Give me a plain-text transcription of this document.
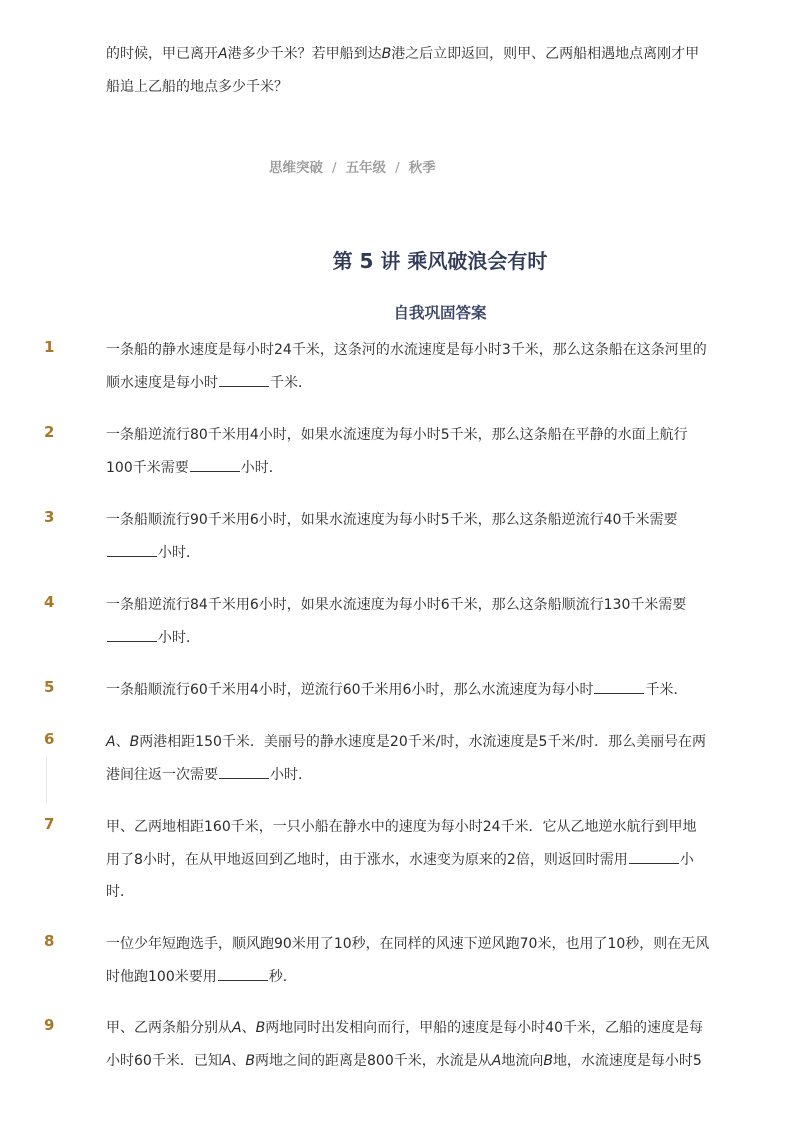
的时候，甲已离开A港多少千米？若甲船到达B港之后立即返回，则甲、乙两船相遇地点离刚才甲
船追上乙船的地点多少千米？

思维突破 / 五年级 / 秋季
第 5 讲 乘风破浪会有时
自我巩固答案
1	一条船的静水速度是每小时24千米，这条河的水流速度是每小时3千米，那么这条船在这条河里的
顺水速度是每小时	千米．

2	一条船逆流行80千米用4小时，如果水流速度为每小时5千米，那么这条船在平静的水面上航行
100千米需要	小时．

3	一条船顺流行90千米用6小时，如果水流速度为每小时5千米，那么这条船逆流行40千米需要
小时．

4	一条船逆流行84千米用6小时，如果水流速度为每小时6千米，那么这条船顺流行130千米需要
小时．

5	一条船顺流行60千米用4小时，逆流行60千米用6小时，那么水流速度为每小时	千米．

6	A、B两港相距150千米．美丽号的静水速度是20千米/时，水流速度是5千米/时．那么美丽号在两
港间往返一次需要	小时．

7	甲、乙两地相距160千米，一只小船在静水中的速度为每小时24千米．它从乙地逆水航行到甲地
用了8小时，在从甲地返回到乙地时，由于涨水，水速变为原来的2倍，则返回时需用	小
时．

8	一位少年短跑选手，顺风跑90米用了10秒，在同样的风速下逆风跑70米，也用了10秒，则在无风
时他跑100米要用	秒．

9	甲、乙两条船分别从A、B两地同时出发相向而行，甲船的速度是每小时40千米，乙船的速度是每
小时60千米．已知A、B两地之间的距离是800千米，水流是从A地流向B地，水流速度是每小时5
